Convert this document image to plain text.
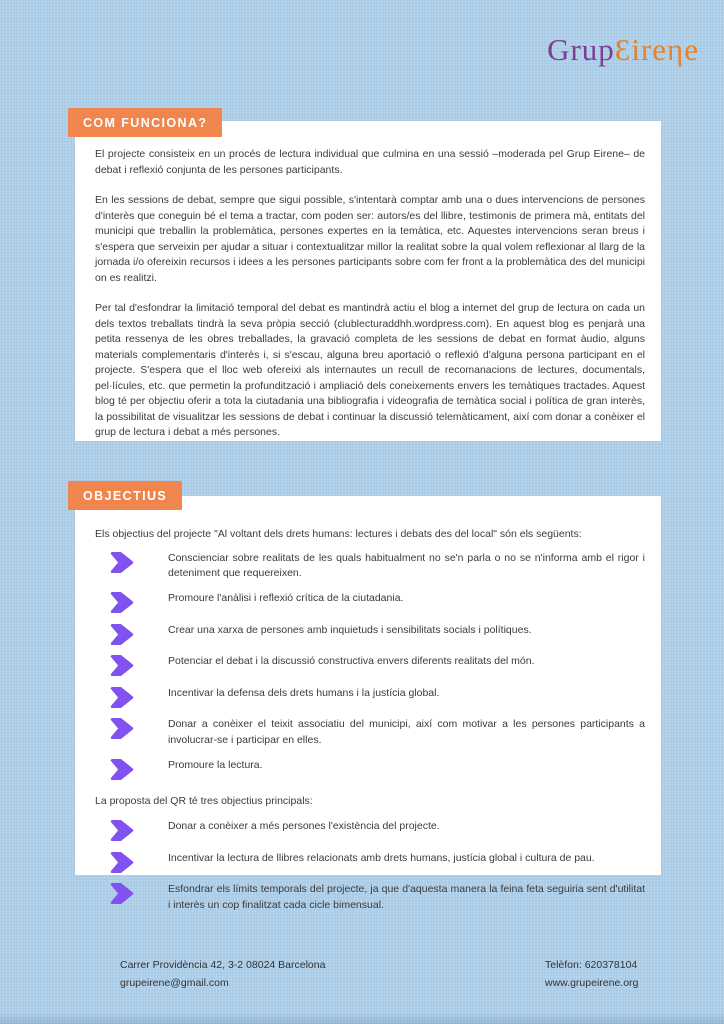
GrupƐireηe
COM FUNCIONA?

El projecte consisteix en un procés de lectura individual que culmina en una sessió –moderada pel Grup Eirene– de debat i reflexió conjunta de les persones participants.

En les sessions de debat, sempre que sigui possible, s'intentarà comptar amb una o dues intervencions de persones d'interès que coneguin bé el tema a tractar, com poden ser: autors/es del llibre, testimonis de primera mà, entitats del municipi que treballin la problemàtica, persones expertes en la temàtica, etc. Aquestes intervencions seran breus i s'espera que serveixin per ajudar a situar i contextualitzar millor la realitat sobre la qual volem reflexionar al llarg de la jornada i/o ofereixin recursos i idees a les persones participants sobre com fer front a la problemàtica des del municipi on es realitzi.

Per tal d'esfondrar la limitació temporal del debat es mantindrà actiu el blog a internet del grup de lectura on cada un dels textos treballats tindrà la seva pròpia secció (clublecturaddhh.wordpress.com). En aquest blog es penjarà una petita ressenya de les obres treballades, la gravació completa de les sessions de debat en format àudio, alguns materials complementaris d'interès i, si s'escau, alguna breu aportació o reflexió d'alguna persona participant en el projecte. S'espera que el lloc web ofereixi als internautes un recull de recomanacions de lectures, documentals, pel·lícules, etc. que permetin la profundització i ampliació dels coneixements envers les temàtiques tractades. Aquest blog té per objectiu oferir a tota la ciutadania una bibliografia i videografia de temàtica social i política de gran interès, la possibilitat de visualitzar les sessions de debat i continuar la discussió telemàticament, així com donar a conèixer el grup de lectura i debat a més persones.

OBJECTIUS

Els objectius del projecte "Al voltant dels drets humans: lectures i debats des del local" són els següents:

Conscienciar sobre realitats de les quals habitualment no se'n parla o no se n'informa amb el rigor i deteniment que requereixen.
Promoure l'anàlisi i reflexió crítica de la ciutadania.
Crear una xarxa de persones amb inquietuds i sensibilitats socials i polítiques.
Potenciar el debat i la discussió constructiva envers diferents realitats del món.
Incentivar la defensa dels drets humans i la justícia global.
Donar a conèixer el teixit associatiu del municipi, així com motivar a les persones participants a involucrar-se i participar en elles.
Promoure la lectura.

La proposta del QR té tres objectius principals:

Donar a conèixer a més persones l'existència del projecte.
Incentivar la lectura de llibres relacionats amb drets humans, justícia global i cultura de pau.
Esfondrar els límits temporals del projecte, ja que d'aquesta manera la feina feta seguiria sent d'utilitat i interès un cop finalitzat cada cicle bimensual.
Carrer Providència 42, 3-2 08024 Barcelona
grupeirene@gmail.com
Telèfon: 620378104
www.grupeirene.org
